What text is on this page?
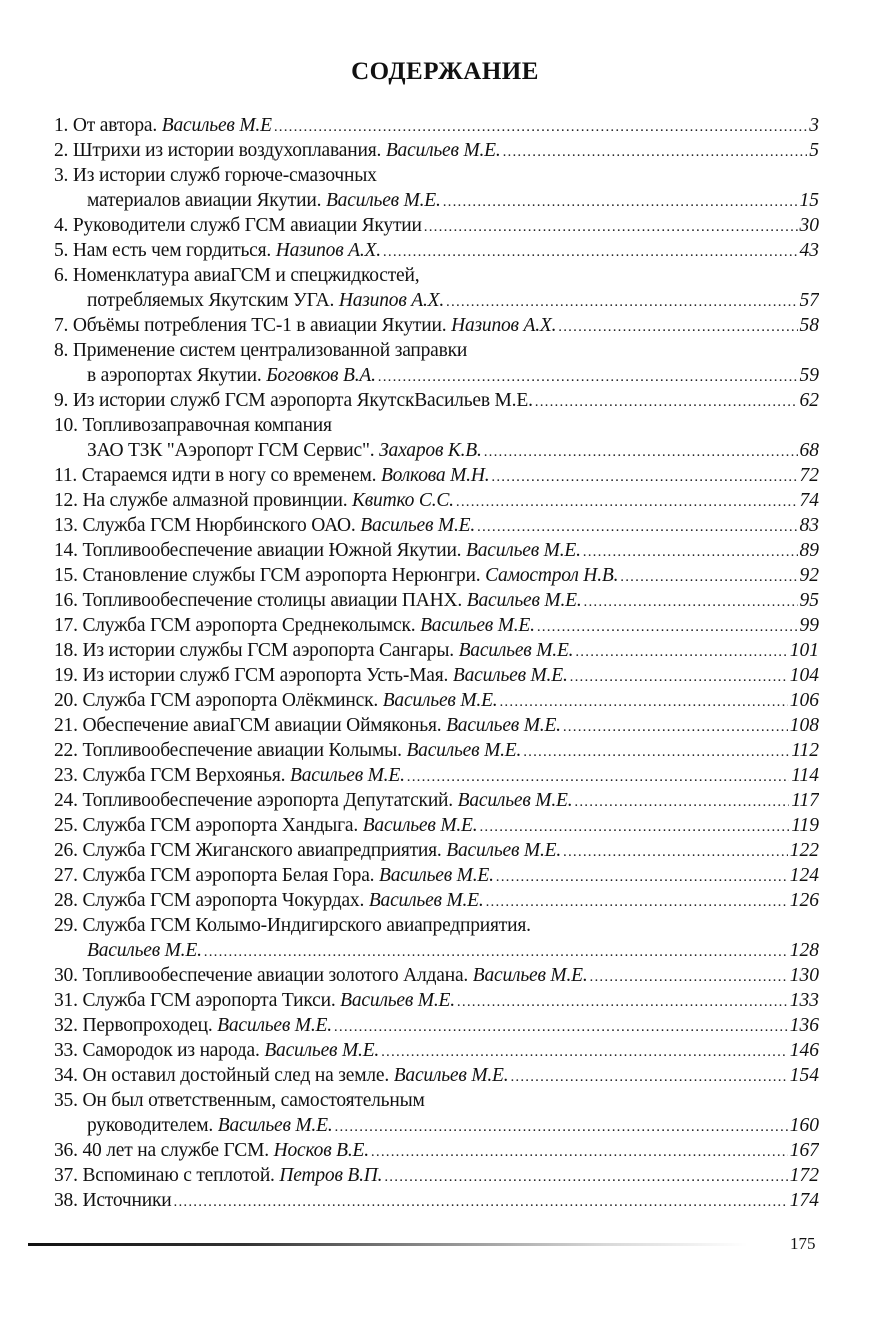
СОДЕРЖАНИЕ
1. От автора. Васильев М.Е .....	3
2. Штрихи из истории воздухоплавания. Васильев М.Е. .....	5
3. Из истории служб горюче-смазочных
материалов авиации Якутии. Васильев М.Е. .....	15
4. Руководители служб ГСМ авиации Якутии .....	30
5. Нам есть чем гордиться. Назипов А.Х. .....	43
6. Номенклатура авиаГСМ и спецжидкостей,
потребляемых Якутским УГА. Назипов А.Х. .....	57
7. Объёмы потребления ТС-1 в авиации Якутии. Назипов А.Х. .....	58
8. Применение систем централизованной заправки
в аэропортах Якутии. Боговков В.А. .....	59
9. Из истории служб ГСМ аэропорта ЯкутскВасильев М.Е. .....	62
10. Топливозаправочная компания
ЗАО ТЗК "Аэропорт ГСМ Сервис". Захаров К.В. .....	68
11. Стараемся идти в ногу со временем. Волкова М.Н. .....	72
12. На службе алмазной провинции. Квитко С.С. .....	74
13. Служба ГСМ Нюрбинского ОАО. Васильев М.Е. .....	83
14. Топливообеспечение авиации Южной Якутии. Васильев М.Е. .....	89
15. Становление службы ГСМ аэропорта Нерюнгри. Самострол Н.В. .....	92
16. Топливообеспечение столицы авиации ПАНХ. Васильев М.Е. .....	95
17. Служба ГСМ аэропорта Среднеколымск. Васильев М.Е. .....	99
18. Из истории службы ГСМ аэропорта Сангары. Васильев М.Е. .....	101
19. Из истории служб ГСМ аэропорта Усть-Мая. Васильев М.Е. .....	104
20. Служба ГСМ аэропорта Олёкминск. Васильев М.Е. .....	106
21. Обеспечение авиаГСМ авиации Оймяконья. Васильев М.Е. .....	108
22. Топливообеспечение авиации Колымы. Васильев М.Е. .....	112
23. Служба ГСМ Верхоянья. Васильев М.Е. .....	114
24. Топливообеспечение аэропорта Депутатский. Васильев М.Е. .....	117
25. Служба ГСМ аэропорта Хандыга. Васильев М.Е. .....	119
26. Служба ГСМ Жиганского авиапредприятия. Васильев М.Е. .....	122
27. Служба ГСМ аэропорта Белая Гора. Васильев М.Е. .....	124
28. Служба ГСМ аэропорта Чокурдах. Васильев М.Е. .....	126
29. Служба ГСМ Колымо-Индигирского авиапредприятия.
Васильев М.Е. .....	128
30. Топливообеспечение авиации золотого Алдана. Васильев М.Е. .....	130
31. Служба ГСМ аэропорта Тикси. Васильев М.Е. .....	133
32. Первопроходец. Васильев М.Е. .....	136
33. Самородок из народа. Васильев М.Е. .....	146
34. Он оставил достойный след на земле. Васильев М.Е. .....	154
35. Он был ответственным, самостоятельным
руководителем. Васильев М.Е. .....	160
36. 40 лет на службе ГСМ. Носков В.Е. .....	167
37. Вспоминаю с теплотой. Петров В.П. .....	172
38. Источники .....	174
175
